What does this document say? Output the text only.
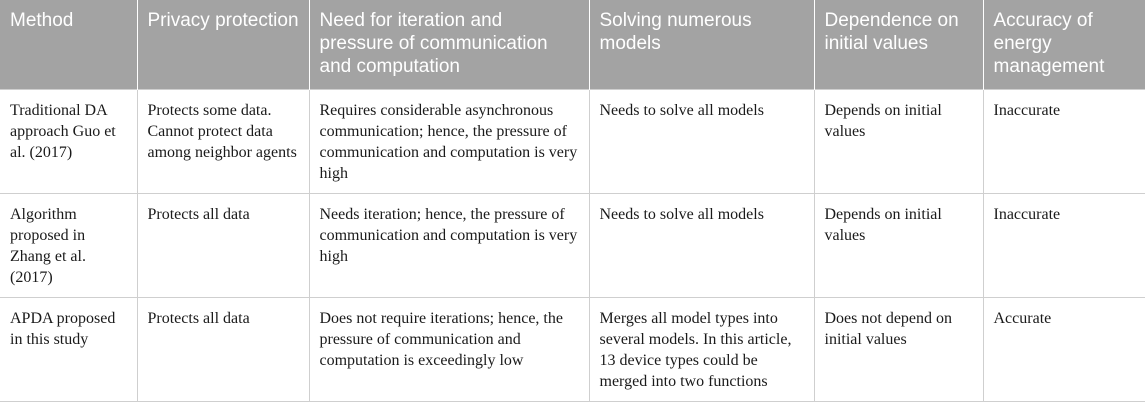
Method	Privacy protection	Need for iteration and pressure of communication and computation	Solving numerous models	Dependence on initial values	Accuracy of energy management
Traditional DA approach Guo et al. (2017)	Protects some data. Cannot protect data among neighbor agents	Requires considerable asynchronous communication; hence, the pressure of communication and computation is very high	Needs to solve all models	Depends on initial values	Inaccurate
Algorithm proposed in Zhang et al. (2017)	Protects all data	Needs iteration; hence, the pressure of communication and computation is very high	Needs to solve all models	Depends on initial values	Inaccurate
APDA proposed in this study	Protects all data	Does not require iterations; hence, the pressure of communication and computation is exceedingly low	Merges all model types into several models. In this article, 13 device types could be merged into two functions	Does not depend on initial values	Accurate
